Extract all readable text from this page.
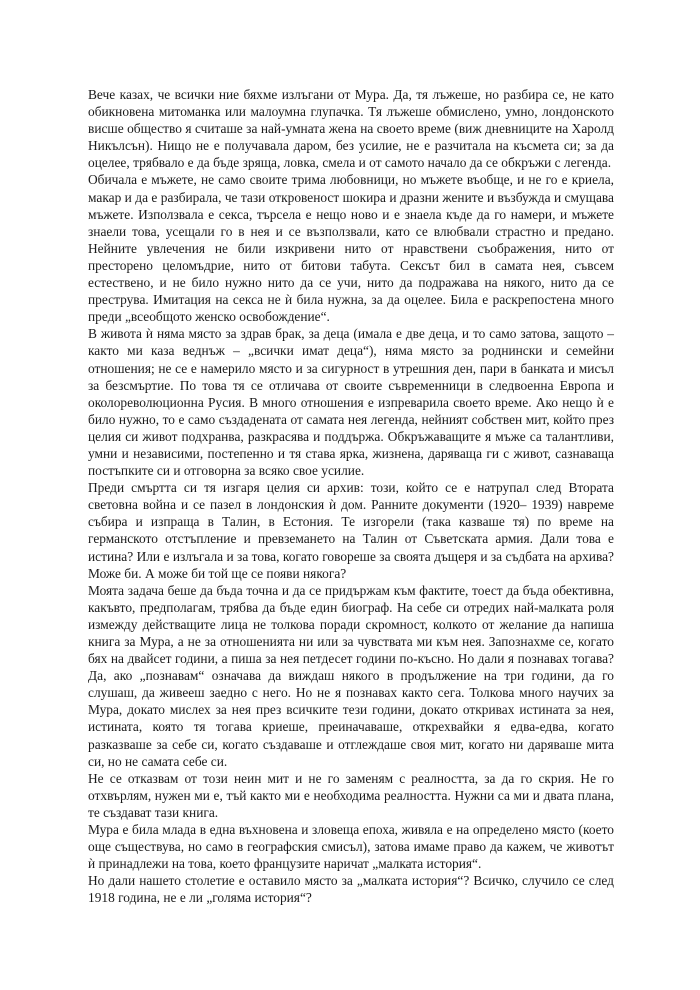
Вече казах, че всички ние бяхме излъгани от Мура. Да, тя лъжеше, но разбира се, не като обикновена митоманка или малоумна глупачка. Тя лъжеше обмислено, умно, лондонското висше общество я считаше за най-умната жена на своето време (виж дневниците на Харолд Никълсън). Нищо не е получавала даром, без усилие, не е разчитала на късмета си; за да оцелее, трябвало е да бъде зряща, ловка, смела и от самото начало да се обкръжи с легенда.

Обичала е мъжете, не само своите трима любовници, но мъжете въобще, и не го е криела, макар и да е разбирала, че тази откровеност шокира и дразни жените и възбужда и смущава мъжете. Използвала е секса, търсела е нещо ново и е знаела къде да го намери, и мъжете знаели това, усещали го в нея и се възползвали, като се влюбвали страстно и предано. Нейните увлечения не били изкривени нито от нравствени съображения, нито от престорено целомъдрие, нито от битови табута. Сексът бил в самата нея, съвсем естествено, и не било нужно нито да се учи, нито да подражава на някого, нито да се преструва. Имитация на секса не ѝ била нужна, за да оцелее. Била е раскрепостена много преди „всеобщото женско освобождение“.

В живота ѝ няма място за здрав брак, за деца (имала е две деца, и то само затова, защото – както ми каза веднъж – „всички имат деца“), няма място за роднински и семейни отношения; не се е намерило място и за сигурност в утрешния ден, пари в банката и мисъл за безсмъртие. По това тя се отличава от своите съвременници в следвоенна Европа и околореволюционна Русия. В много отношения е изпреварила своето време. Ако нещо ѝ е било нужно, то е само създадената от самата нея легенда, нейният собствен мит, който през целия си живот подхранва, разкрасява и поддържа. Обкръжаващите я мъже са талантливи, умни и независими, постепенно и тя става ярка, жизнена, даряваща ги с живот, сазнаваща постъпките си и отговорна за всяко свое усилие.

Преди смъртта си тя изгаря целия си архив: този, който се е натрупал след Втората световна война и се пазел в лондонския ѝ дом. Ранните документи (1920– 1939) навреме събира и изпраща в Талин, в Естония. Те изгорели (така казваше тя) по време на германското отстъпление и превземането на Талин от Съветската армия. Дали това е истина? Или е излъгала и за това, когато говореше за своята дъщеря и за съдбата на архива? Може би. А може би той ще се появи някога?

Моята задача беше да бъда точна и да се придържам към фактите, тоест да бъда обективна, какъвто, предполагам, трябва да бъде един биограф. На себе си отредих най-малката роля измежду действащите лица не толкова поради скромност, колкото от желание да напиша книга за Мура, а не за отношенията ни или за чувствата ми към нея. Запознахме се, когато бях на двайсет години, а пиша за нея петдесет години по-късно. Но дали я познавах тогава? Да, ако „познавам“ означава да виждаш някого в продължение на три години, да го слушаш, да живееш заедно с него. Но не я познавах както сега. Толкова много научих за Мура, докато мислех за нея през всичките тези години, докато откривах истината за нея, истината, която тя тогава криеше, преиначаваше, открехвайки я едва-едва, когато разказваше за себе си, когато създаваше и отглеждаше своя мит, когато ни даряваше мита си, но не самата себе си.

Не се отказвам от този неин мит и не го заменям с реалността, за да го скрия. Не го отхвърлям, нужен ми е, тъй както ми е необходима реалността. Нужни са ми и двата плана, те създават тази книга.

Мура е била млада в една въхновена и зловеща епоха, живяла е на определено място (което още съществува, но само в географския смисъл), затова имаме право да кажем, че животът ѝ принадлежи на това, което французите наричат „малката история“.

Но дали нашето столетие е оставило място за „малката история“? Всичко, случило се след 1918 година, не е ли „голяма история“?
